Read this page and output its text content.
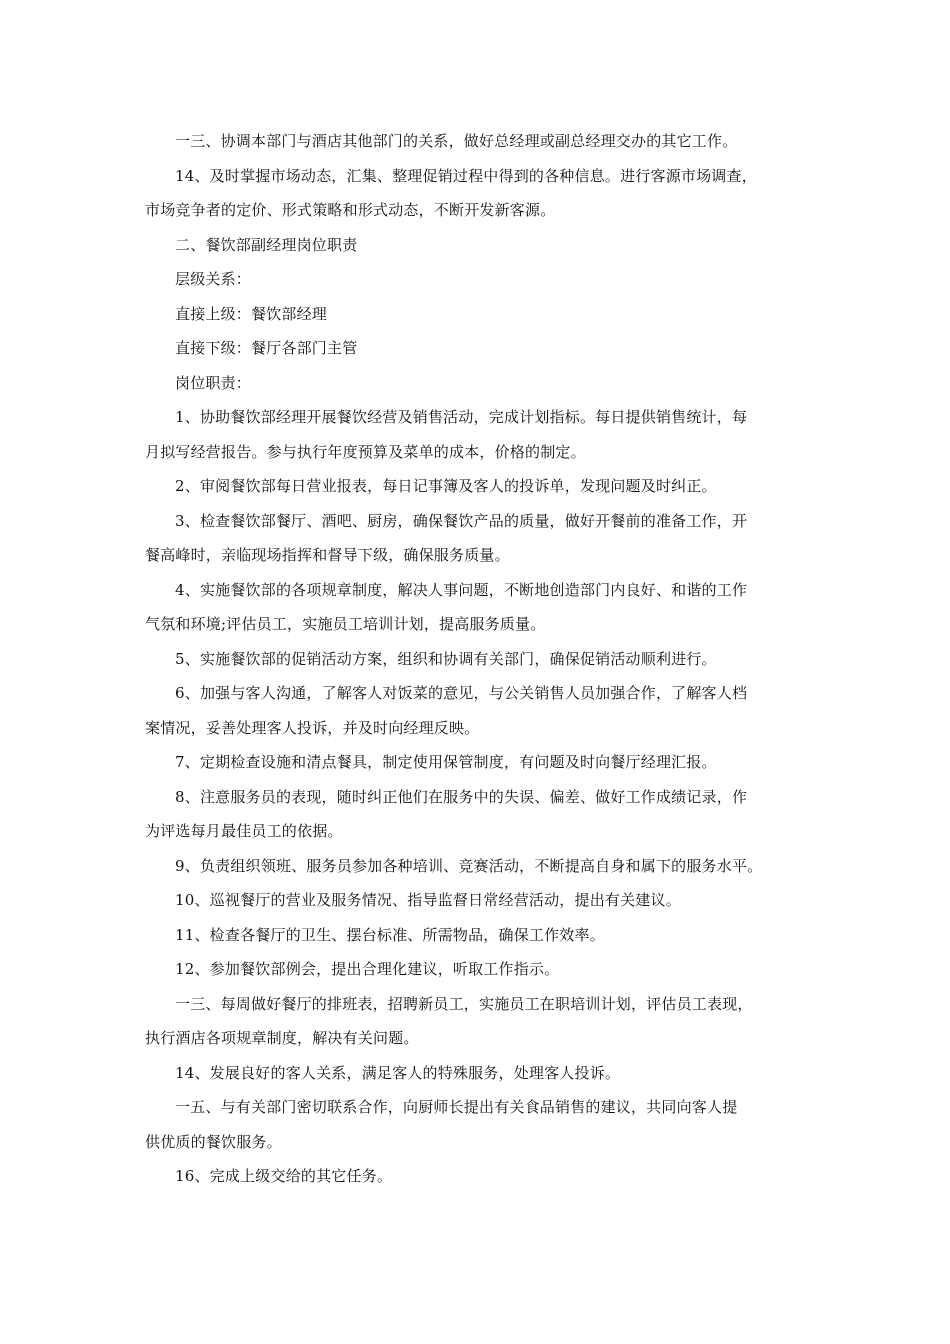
一三、协调本部门与酒店其他部门的关系，做好总经理或副总经理交办的其它工作。

14、及时掌握市场动态，汇集、整理促销过程中得到的各种信息。进行客源市场调查，
市场竞争者的定价、形式策略和形式动态，不断开发新客源。

二、餐饮部副经理岗位职责

层级关系：

直接上级：餐饮部经理

直接下级：餐厅各部门主管

岗位职责：

1、协助餐饮部经理开展餐饮经营及销售活动，完成计划指标。每日提供销售统计，每
月拟写经营报告。参与执行年度预算及菜单的成本，价格的制定。

2、审阅餐饮部每日营业报表，每日记事簿及客人的投诉单，发现问题及时纠正。

3、检查餐饮部餐厅、酒吧、厨房，确保餐饮产品的质量，做好开餐前的准备工作，开
餐高峰时，亲临现场指挥和督导下级，确保服务质量。

4、实施餐饮部的各项规章制度，解决人事问题，不断地创造部门内良好、和谐的工作
气氛和环境;评估员工，实施员工培训计划，提高服务质量。

5、实施餐饮部的促销活动方案，组织和协调有关部门，确保促销活动顺利进行。

6、加强与客人沟通，了解客人对饭菜的意见，与公关销售人员加强合作，了解客人档
案情况，妥善处理客人投诉，并及时向经理反映。

7、定期检查设施和清点餐具，制定使用保管制度，有问题及时向餐厅经理汇报。

8、注意服务员的表现，随时纠正他们在服务中的失误、偏差、做好工作成绩记录，作
为评选每月最佳员工的依据。

9、负责组织领班、服务员参加各种培训、竞赛活动，不断提高自身和属下的服务水平。

10、巡视餐厅的营业及服务情况、指导监督日常经营活动，提出有关建议。

11、检查各餐厅的卫生、摆台标准、所需物品，确保工作效率。

12、参加餐饮部例会，提出合理化建议，听取工作指示。

一三、每周做好餐厅的排班表，招聘新员工，实施员工在职培训计划，评估员工表现，
执行酒店各项规章制度，解决有关问题。

14、发展良好的客人关系，满足客人的特殊服务，处理客人投诉。

一五、与有关部门密切联系合作，向厨师长提出有关食品销售的建议，共同向客人提
供优质的餐饮服务。

16、完成上级交给的其它任务。
